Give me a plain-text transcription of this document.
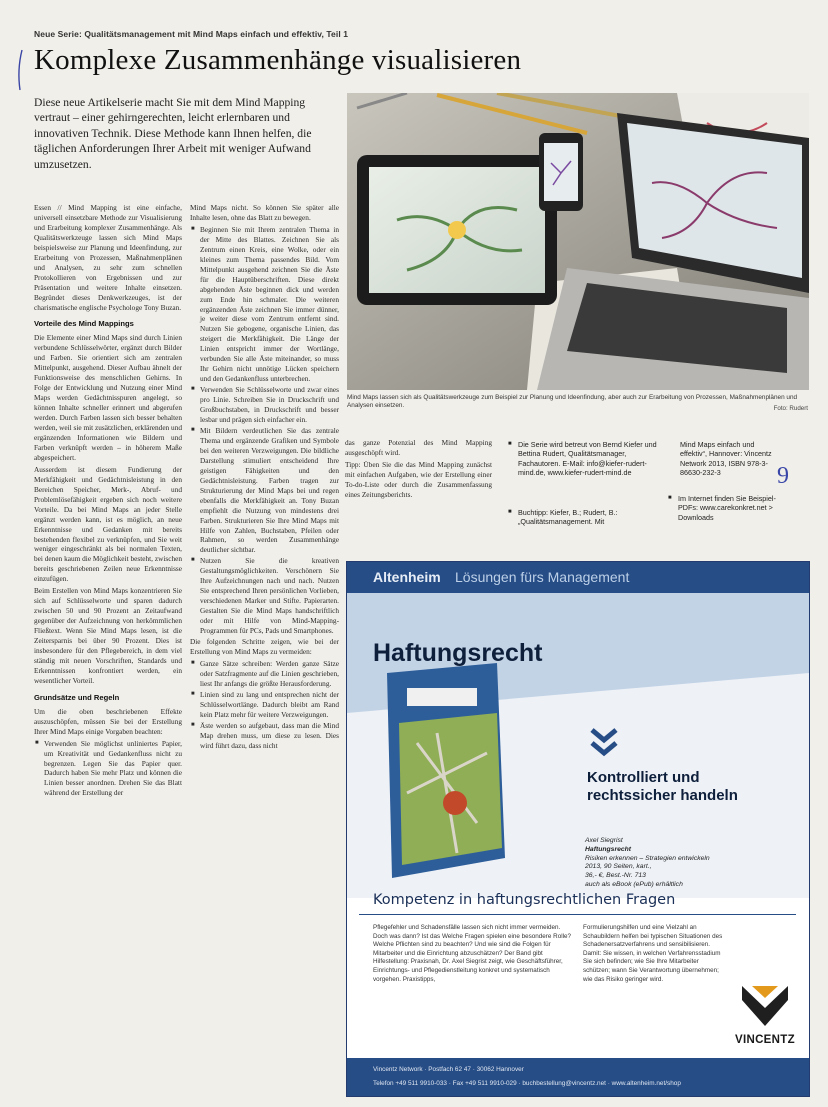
Neue Serie: Qualitätsmanagement mit Mind Maps einfach und effektiv, Teil 1
Komplexe Zusammenhänge visualisieren
Diese neue Artikelserie macht Sie mit dem Mind Mapping vertraut – einer gehirngerechten, leicht erlernbaren und innovativen Technik. Diese Methode kann Ihnen helfen, die täglichen Anforderungen Ihrer Arbeit mit weniger Aufwand umzusetzen.

Essen // Mind Mapping ist eine einfache, universell einsetzbare Methode zur Visualisierung und Erarbeitung komplexer Zusammenhänge. Als Qualitätswerkzeuge lassen sich Mind Maps beispielsweise zur Planung und Ideenfindung, zur Erarbeitung von Prozessen, Maßnahmenplänen und Analysen, zu sehr zum schnellen Protokollieren von Ergebnissen und zur Präsentation und weitere Inhalte einsetzen. Begründet dieses Denkwerkzeuges, ist der charismatische englische Psychologe Tony Buzan.

Vorteile des Mind Mappings

Die Elemente einer Mind Maps sind durch Linien verbundene Schlüsselwörter, ergänzt durch Bilder und Farben. Sie orientiert sich am zentralen Mittelpunkt, ausgehend. Dieser Aufbau ähnelt der Funktionsweise des menschlichen Gehirns. In Folge der Entwicklung und Nutzung einer Mind Maps werden Gedächtnisspuren angelegt, so können Inhalte schneller erinnert und abgerufen werden. Durch Farben lassen sich besser behalten werden, weil sie mit zusätzlichen, erklärenden und ergänzenden Informationen wie Bildern und Farben verknüpft werden – in höherem Maße abgespeichert.

Ausserdem ist diesem Fundierung der Merkfähigkeit und Gedächtnisleistung in den Bereichen Speicher, Merk-, Abruf- und Problemlösefähigkeit ergeben sich noch weitere Vorteile. Da bei Mind Maps an jeder Stelle ergänzt werden kann, ist es möglich, an neue Erkenntnisse und Gedanken mit bereits bestehenden flexibel zu verknüpfen, und Sie weit weniger eingeschränkt als bei normalen Texten, bei denen kaum die Möglichkeit besteht, zwischen bereits geschriebenen Zeilen neue Erkenntnisse einzufügen.

Beim Erstellen von Mind Maps konzentrieren Sie sich auf Schlüsselworte und sparen dadurch zwischen 50 und 90 Prozent an Zeitaufwand gegenüber der Aufzeichnung von herkömmlichen Fließtext. Wenn Sie Mind Maps lesen, ist die Zeitersparnis bei über 90 Prozent. Dies ist insbesondere für den Pflegebereich, in dem viel ständig mit neuen Vorschriften, Standards und Erkenntnissen konfrontiert werden, ein wesentlicher Vorteil.

Grundsätze und Regeln

Um die oben beschriebenen Effekte auszuschöpfen, müssen Sie bei der Erstellung Ihrer Mind Maps einige Vorgaben beachten:

■ Verwenden Sie möglichst unliniertes Papier, um Kreativität und Gedankenfluss nicht zu begrenzen. Legen Sie das Papier quer. Dadurch haben Sie mehr Platz und können die Linien besser anordnen. Drehen Sie das Blatt während der Erstellung der

Mind Maps nicht. So können Sie später alle Inhalte lesen, ohne das Blatt zu bewegen.

■ Beginnen Sie mit Ihrem zentralen Thema in der Mitte des Blattes. Zeichnen Sie als Zentrum einen Kreis, eine Wolke, oder ein kleines zum Thema passendes Bild. Vom Mittelpunkt ausgehend zeichnen Sie die Äste für die Hauptüberschriften. Diese direkt abgehenden Äste beginnen dick und werden zum Ende hin schmaler. Die weiteren ergänzenden Äste zeichnen Sie immer dünner, je weiter diese vom Zentrum entfernt sind. Nutzen Sie gebogene, organische Linien, das steigert die Merkfähigkeit. Die Länge der Linien entspricht immer der Wortlänge, verbunden Sie alle Äste miteinander, so muss Ihr Gehirn nicht unnötige Lücken speichern und den Gedankenfluss unterbrechen.
■ Verwenden Sie Schlüsselworte und zwar eines pro Linie. Schreiben Sie in Druckschrift und Großbuchstaben, in Druckschrift und besser lesbar und prägen sich einfacher ein.
■ Mit Bildern verdeutlichen Sie das zentrale Thema und ergänzende Grafiken und Symbole bei den weiteren Verzweigungen. Die bildliche Darstellung stimuliert entscheidend Ihre geistigen Fähigkeiten und den Gedächtnisleistung. Farben tragen zur Strukturierung der Mind Maps bei und regen ebenfalls die Merkfähigkeit an. Tony Buzan empfiehlt die Nutzung von mindestens drei Farben. Strukturieren Sie Ihre Mind Maps mit Hilfe von Zahlen, Buchstaben, Pfeilen oder Rahmen, so werden Zusammenhänge deutlicher sichtbar.
■ Nutzen Sie die kreativen Gestaltungsmöglichkeiten. Verschönern Sie Ihre Aufzeichnungen nach und nach. Nutzen Sie entsprechend Ihren persönlichen Vorlieben, verschiedenen Marker und Stifte. Papierarten. Gestalten Sie die Mind Maps handschriftlich oder mit Hilfe von Mind-Mapping-Programmen für PCs, Pads und Smartphones.

Die folgenden Schritte zeigen, wie bei der Erstellung von Mind Maps zu vermeiden:

■ Ganze Sätze schreiben: Werden ganze Sätze oder Satzfragmente auf die Linien geschrieben, liest Ihr anfangs die größte Herausforderung.
■ Linien sind zu lang und entsprechen nicht der Schlüsselwortlänge. Dadurch bleibt am Rand kein Platz mehr für weitere Verzweigungen.
■ Äste werden so aufgebaut, dass man die Mind Map drehen muss, um diese zu lesen. Dies wird führt dazu, dass nicht
Mind Maps lassen sich als Qualitätswerkzeuge zum Beispiel zur Planung und Ideenfindung, aber auch zur Erarbeitung von Prozessen, Maßnahmenplänen und Analysen einsetzen.	Foto: Rudert

das ganze Potenzial des Mind Mapping ausgeschöpft wird.

Tipp: Üben Sie die das Mind Mapping zunächst mit einfachen Aufgaben, wie der Erstellung einer To-do-Liste oder durch die Zusammenfassung eines Zeitungsberichts.

■ Die Serie wird betreut von Bernd Kiefer und Bettina Rudert, Qualitätsmanager, Fachautoren. E-Mail: info@kiefer-rudert-mind.de, www.kiefer-rudert-mind.de
■ Buchtipp: Kiefer, B.; Rudert, B.: „Qualitätsmanagement. Mit
Mind Maps einfach und effektiv“, Hannover: Vincentz Network 2013, ISBN 978-3-86630-232-3
■ Im Internet finden Sie Beispiel-PDFs: www.carekonkret.net > Downloads
9
Altenheim Lösungen fürs Management
Haftungsrecht
Kontrolliert und
rechtssicher handeln
Axel Siegrist
Haftungsrecht
Risiken erkennen – Strategien entwickeln
2013, 90 Seiten, kart.,
36,- €, Best.-Nr. 713
auch als eBook (ePub) erhältlich
Kompetenz in haftungsrechtlichen Fragen
Pflegefehler und Schadensfälle lassen sich nicht immer vermeiden. Doch was dann? Ist das Welche Fragen spielen eine besondere Rolle? Welche Pflichten sind zu beachten? Und wie sind die Folgen für Mitarbeiter und die Einrichtung abzuschätzen? Der Band gibt Hilfestellung: Praxisnah, Dr. Axel Siegrist zeigt, wie Geschäftsführer, Einrichtungs- und Pflegedienstleitung konkret und systematisch vorgehen. Praxistipps,
Formulierungshilfen und eine Vielzahl an Schaubildern helfen bei typischen Situationen des Schadenersatzverfahrens und sensibilisieren. Damit: Sie wissen, in welchen Verfahrensstadium Sie sich befinden; wie Sie Ihre Mitarbeiter schützen; wann Sie Verantwortung übernehmen; wie das Risiko geringer wird.
VINCENTZ
Vincentz Network · Postfach 62 47 · 30062 Hannover
Telefon +49 511 9910-033 · Fax +49 511 9910-029 · buchbestellung@vincentz.net · www.altenheim.net/shop
